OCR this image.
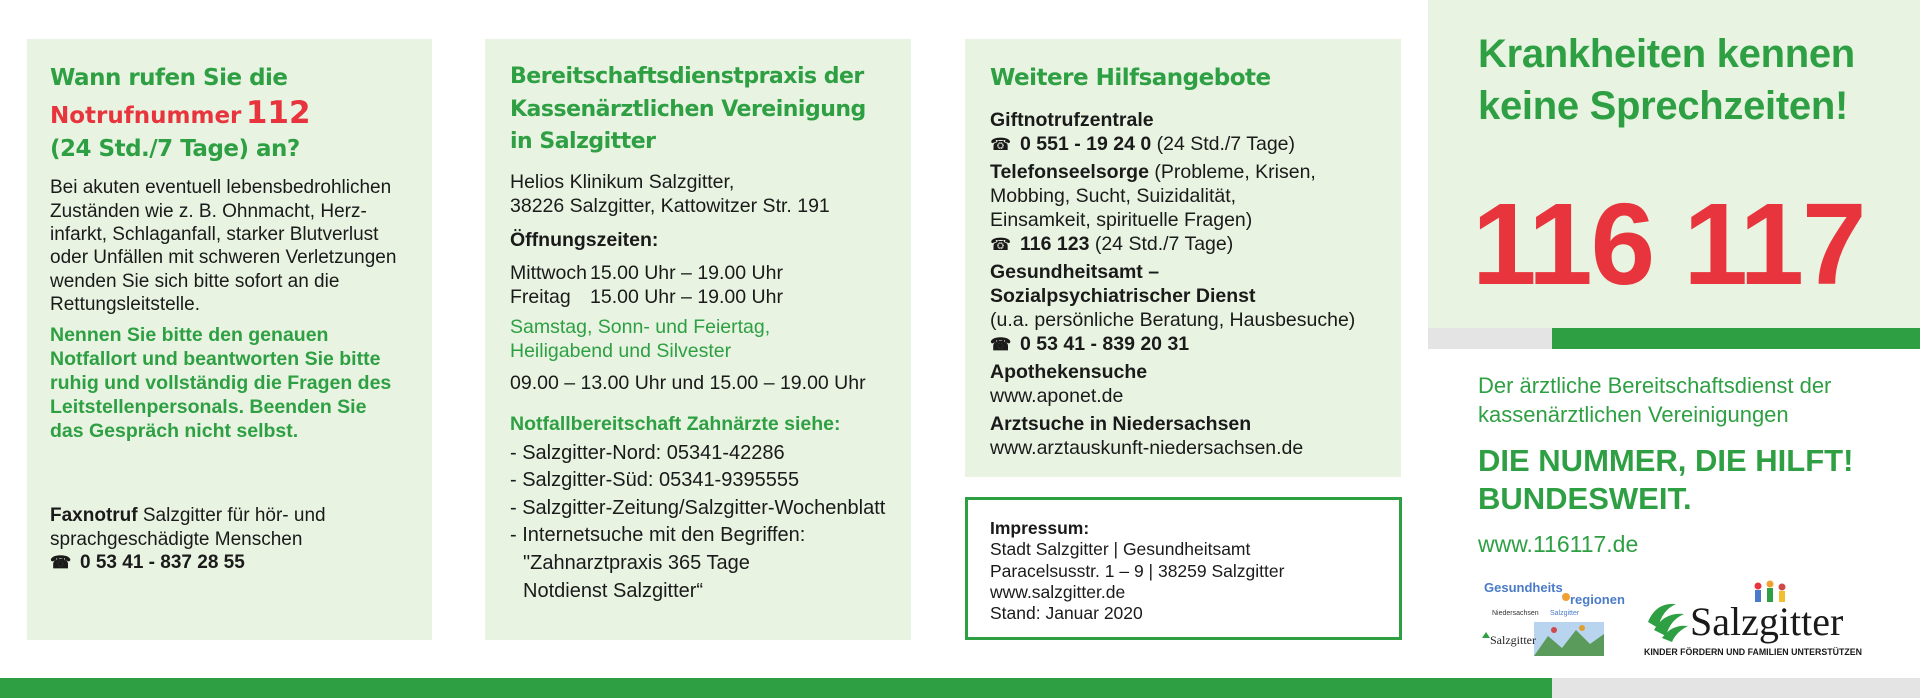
Wann rufen Sie die
Notrufnummer 112
(24 Std./7 Tage) an?
Bei akuten eventuell lebensbedrohlichen
Zuständen wie z. B. Ohnmacht, Herz-
infarkt, Schlaganfall, starker Blutverlust
oder Unfällen mit schweren Verletzungen
wenden Sie sich bitte sofort an die
Rettungsleitstelle.
Nennen Sie bitte den genauen
Notfallort und beantworten Sie bitte
ruhig und vollständig die Fragen des
Leitstellenpersonals. Beenden Sie
das Gespräch nicht selbst.
Faxnotruf Salzgitter für hör- und
sprachgeschädigte Menschen
☎ 0 53 41 - 837 28 55
Bereitschaftsdienstpraxis der
Kassenärztlichen Vereinigung
in Salzgitter
Helios Klinikum Salzgitter,
38226 Salzgitter, Kattowitzer Str. 191
Öffnungszeiten:
Mittwoch 15.00 Uhr – 19.00 Uhr
Freitag 15.00 Uhr – 19.00 Uhr
Samstag, Sonn- und Feiertag,
Heiligabend und Silvester
09.00 – 13.00 Uhr und 15.00 – 19.00 Uhr
Notfallbereitschaft Zahnärzte siehe:
- Salzgitter-Nord: 05341-42286
- Salzgitter-Süd: 05341-9395555
- Salzgitter-Zeitung/Salzgitter-Wochenblatt
- Internetsuche mit den Begriffen:
"Zahnarztpraxis 365 Tage
Notdienst Salzgitter“
Weitere Hilfsangebote
Giftnotrufzentrale
☎ 0 551 - 19 24 0 (24 Std./7 Tage)
Telefonseelsorge (Probleme, Krisen,
Mobbing, Sucht, Suizidalität,
Einsamkeit, spirituelle Fragen)
☎ 116 123 (24 Std./7 Tage)
Gesundheitsamt –
Sozialpsychiatrischer Dienst
(u.a. persönliche Beratung, Hausbesuche)
☎ 0 53 41 - 839 20 31
Apothekensuche
www.aponet.de
Arztsuche in Niedersachsen
www.arztauskunft-niedersachsen.de
Impressum:
Stadt Salzgitter | Gesundheitsamt
Paracelsusstr. 1 – 9 | 38259 Salzgitter
www.salzgitter.de
Stand: Januar 2020
Krankheiten kennen
keine Sprechzeiten!
116 117
Der ärztliche Bereitschaftsdienst der
kassenärztlichen Vereinigungen
DIE NUMMER, DIE HILFT!
BUNDESWEIT.
www.116117.de
Gesundheits
regionen
Niedersachsen Salzgitter
Salzgitter	Salzgitter
KINDER FÖRDERN UND FAMILIEN UNTERSTÜTZEN
